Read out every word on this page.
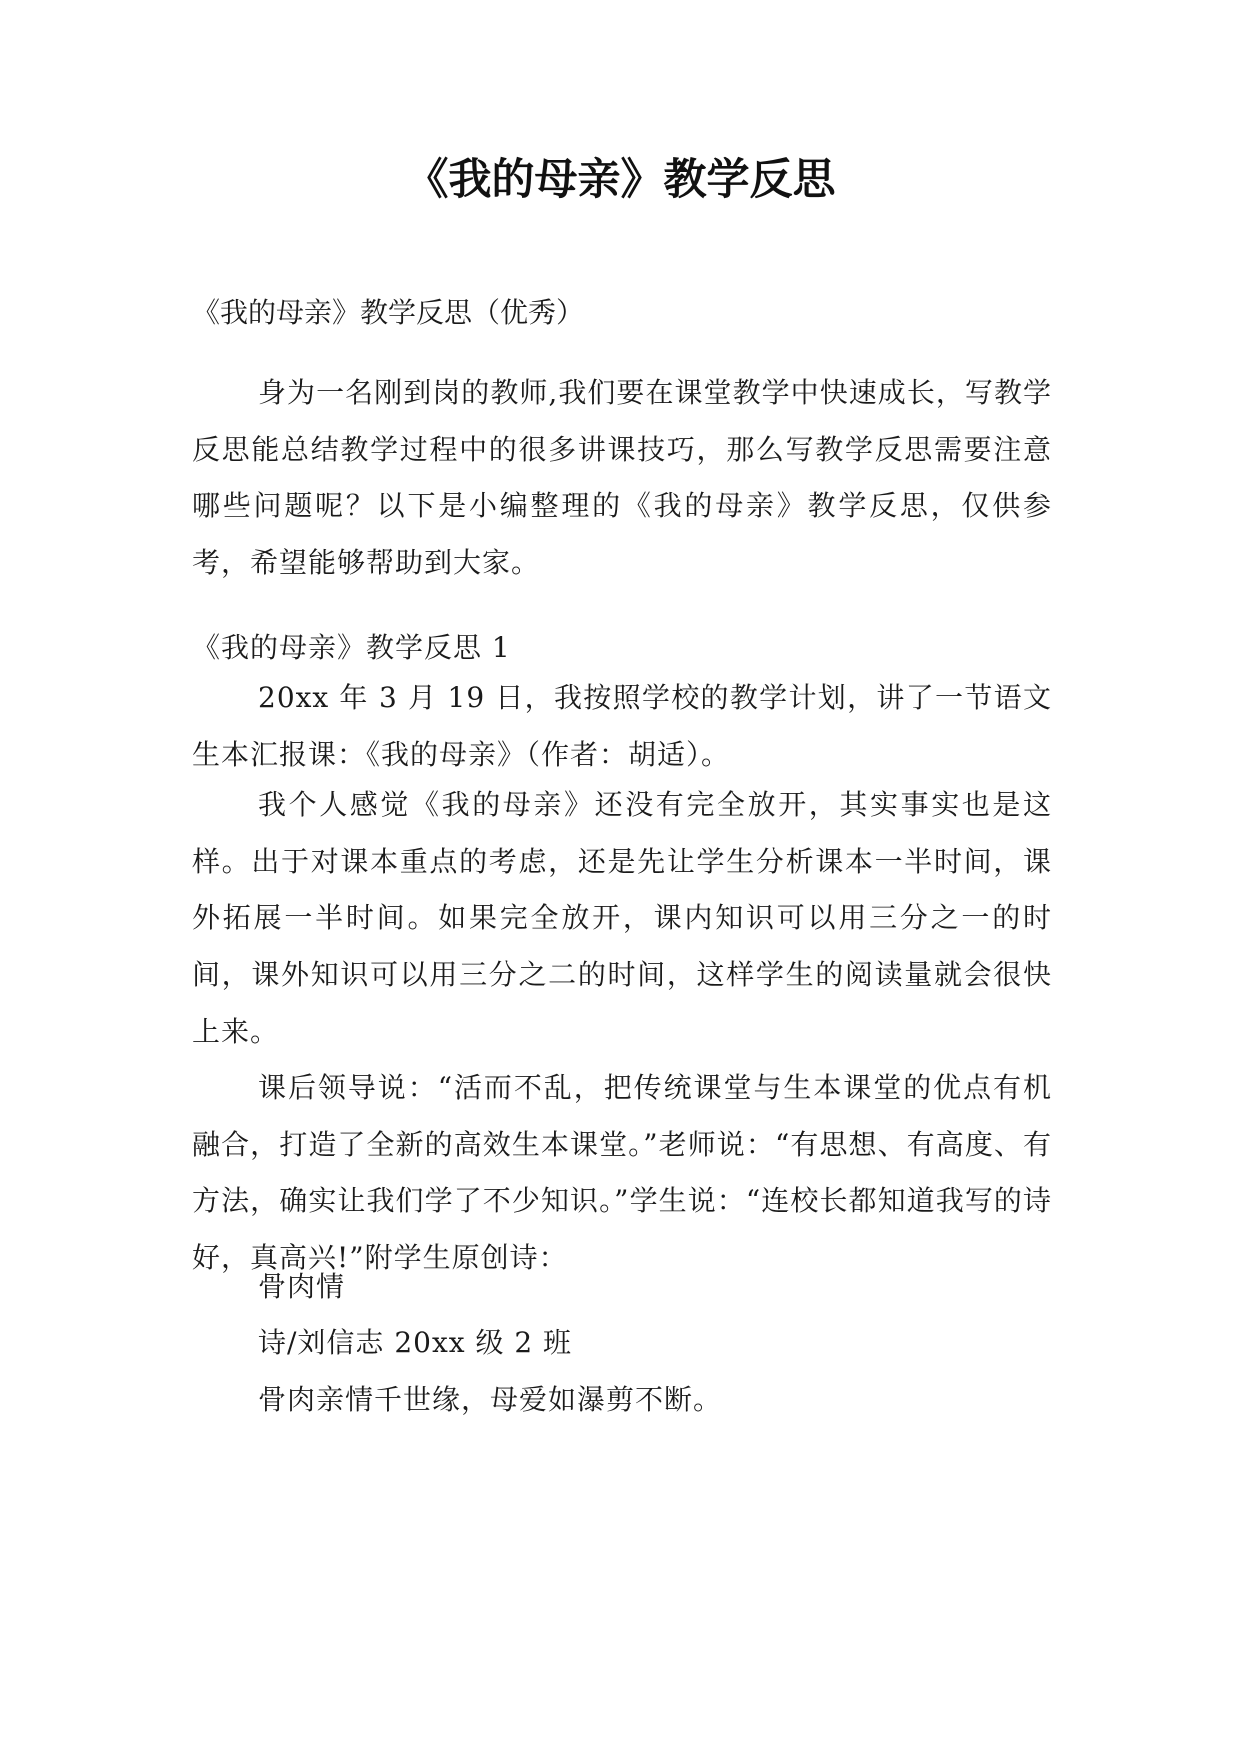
《我的母亲》教学反思

《我的母亲》教学反思（优秀）

身为一名刚到岗的教师,我们要在课堂教学中快速成长，写教学反思能总结教学过程中的很多讲课技巧，那么写教学反思需要注意哪些问题呢？以下是小编整理的《我的母亲》教学反思，仅供参考，希望能够帮助到大家。

《我的母亲》教学反思 1

20xx 年 3 月 19 日，我按照学校的教学计划，讲了一节语文生本汇报课：《我的母亲》（作者：胡适）。

我个人感觉《我的母亲》还没有完全放开，其实事实也是这样。出于对课本重点的考虑，还是先让学生分析课本一半时间，课外拓展一半时间。如果完全放开，课内知识可以用三分之一的时间，课外知识可以用三分之二的时间，这样学生的阅读量就会很快上来。

课后领导说：“活而不乱，把传统课堂与生本课堂的优点有机融合，打造了全新的高效生本课堂。”老师说：“有思想、有高度、有方法，确实让我们学了不少知识。”学生说：“连校长都知道我写的诗好，真高兴!”附学生原创诗：

骨肉情

诗/刘信志 20xx 级 2 班

骨肉亲情千世缘，母爱如瀑剪不断。
